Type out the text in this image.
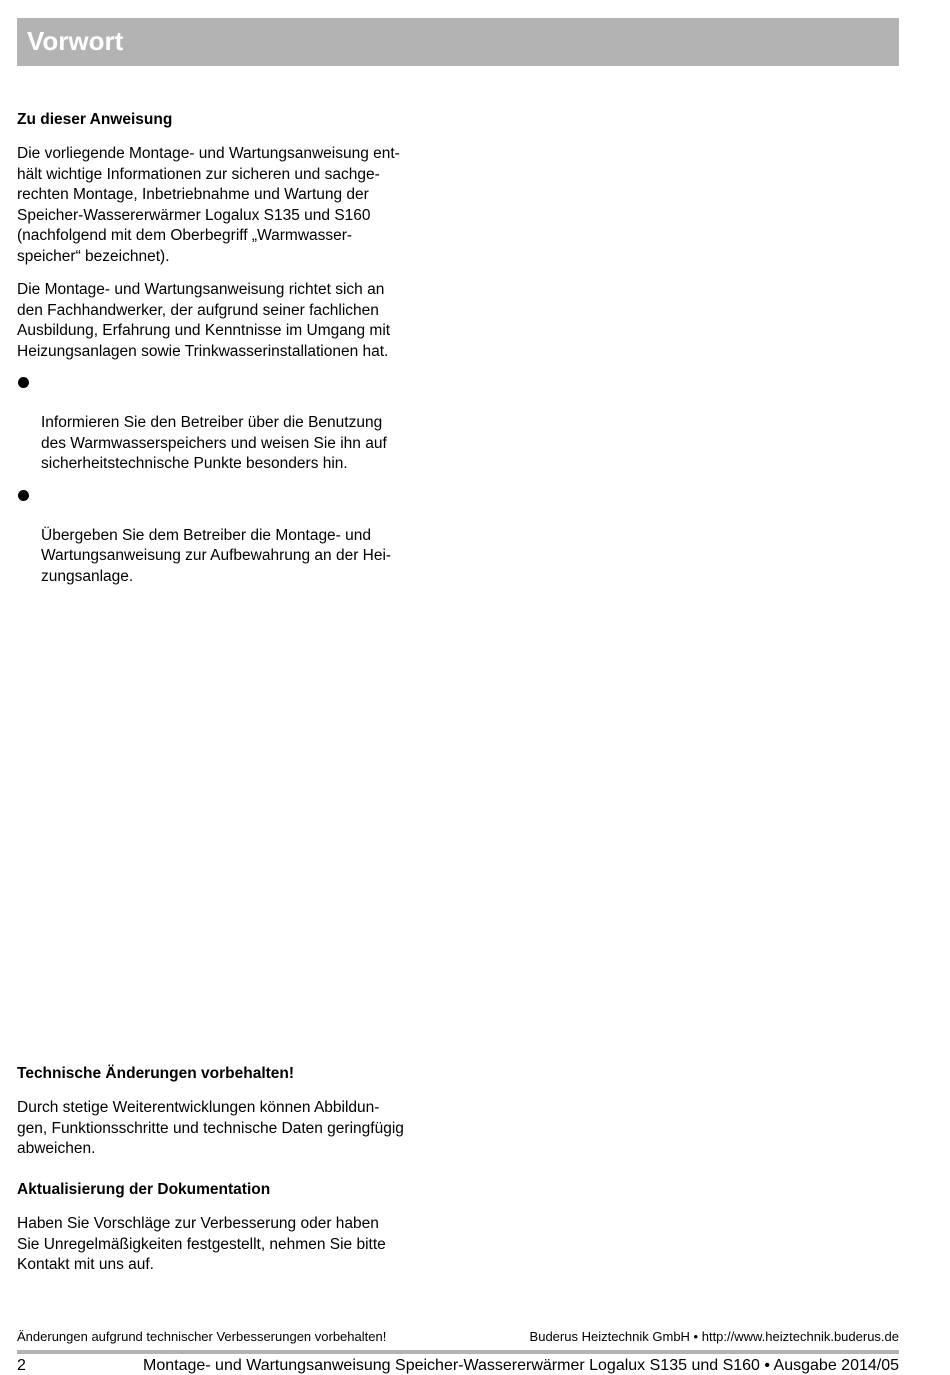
Vorwort

Zu dieser Anweisung

Die vorliegende Montage- und Wartungsanweisung ent-
hält wichtige Informationen zur sicheren und sachge-
rechten Montage, Inbetriebnahme und Wartung der
Speicher-Wassererwärmer Logalux S135 und S160
(nachfolgend mit dem Oberbegriff „Warmwasser-
speicher“ bezeichnet).

Die Montage- und Wartungsanweisung richtet sich an
den Fachhandwerker, der aufgrund seiner fachlichen
Ausbildung, Erfahrung und Kenntnisse im Umgang mit
Heizungsanlagen sowie Trinkwasserinstallationen hat.

Informieren Sie den Betreiber über die Benutzung
des Warmwasserspeichers und weisen Sie ihn auf
sicherheitstechnische Punkte besonders hin.

Übergeben Sie dem Betreiber die Montage- und
Wartungsanweisung zur Aufbewahrung an der Hei-
zungsanlage.

Technische Änderungen vorbehalten!

Durch stetige Weiterentwicklungen können Abbildun-
gen, Funktionsschritte und technische Daten geringfügig
abweichen.

Aktualisierung der Dokumentation

Haben Sie Vorschläge zur Verbesserung oder haben
Sie Unregelmäßigkeiten festgestellt, nehmen Sie bitte
Kontakt mit uns auf.

Änderungen aufgrund technischer Verbesserungen vorbehalten!	Buderus Heiztechnik GmbH • http://www.heiztechnik.buderus.de
2	Montage- und Wartungsanweisung Speicher-Wassererwärmer Logalux S135 und S160 • Ausgabe 2014/05
